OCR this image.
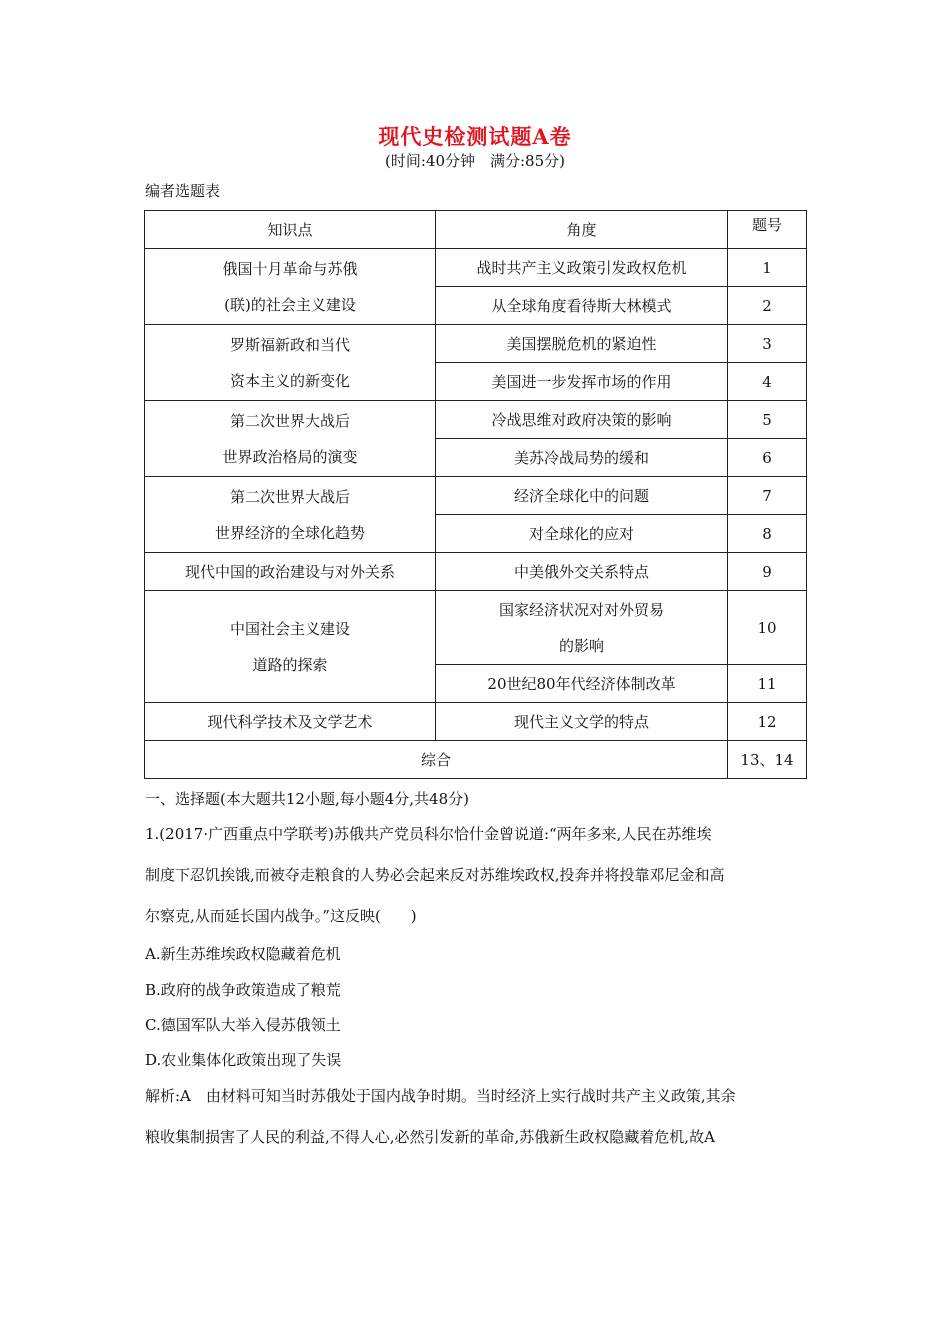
现代史检测试题A卷
(时间:40分钟　满分:85分)
编者选题表
知识点	角度	题号

俄国十月革命与苏俄
(联)的社会主义建设	战时共产主义政策引发政权危机	1
	从全球角度看待斯大林模式	2

罗斯福新政和当代
资本主义的新变化	美国摆脱危机的紧迫性	3
	美国进一步发挥市场的作用	4

第二次世界大战后
世界政治格局的演变	冷战思维对政府决策的影响	5
	美苏冷战局势的缓和	6

第二次世界大战后
世界经济的全球化趋势	经济全球化中的问题	7
	对全球化的应对	8
现代中国的政治建设与对外关系	中美俄外交关系特点	9

中国社会主义建设
道路的探索	国家经济状况对对外贸易
的影响	10
	20世纪80年代经济体制改革	11
现代科学技术及文学艺术	现代主义文学的特点	12
综合		13、14
一、选择题(本大题共12小题,每小题4分,共48分)
1.(2017·广西重点中学联考)苏俄共产党员科尔恰什金曾说道:“两年多来,人民在苏维埃
制度下忍饥挨饿,而被夺走粮食的人势必会起来反对苏维埃政权,投奔并将投靠邓尼金和高
尔察克,从而延长国内战争。”这反映(　　)
A.新生苏维埃政权隐藏着危机
B.政府的战争政策造成了粮荒
C.德国军队大举入侵苏俄领土
D.农业集体化政策出现了失误
解析:A　由材料可知当时苏俄处于国内战争时期。当时经济上实行战时共产主义政策,其余
粮收集制损害了人民的利益,不得人心,必然引发新的革命,苏俄新生政权隐藏着危机,故A
